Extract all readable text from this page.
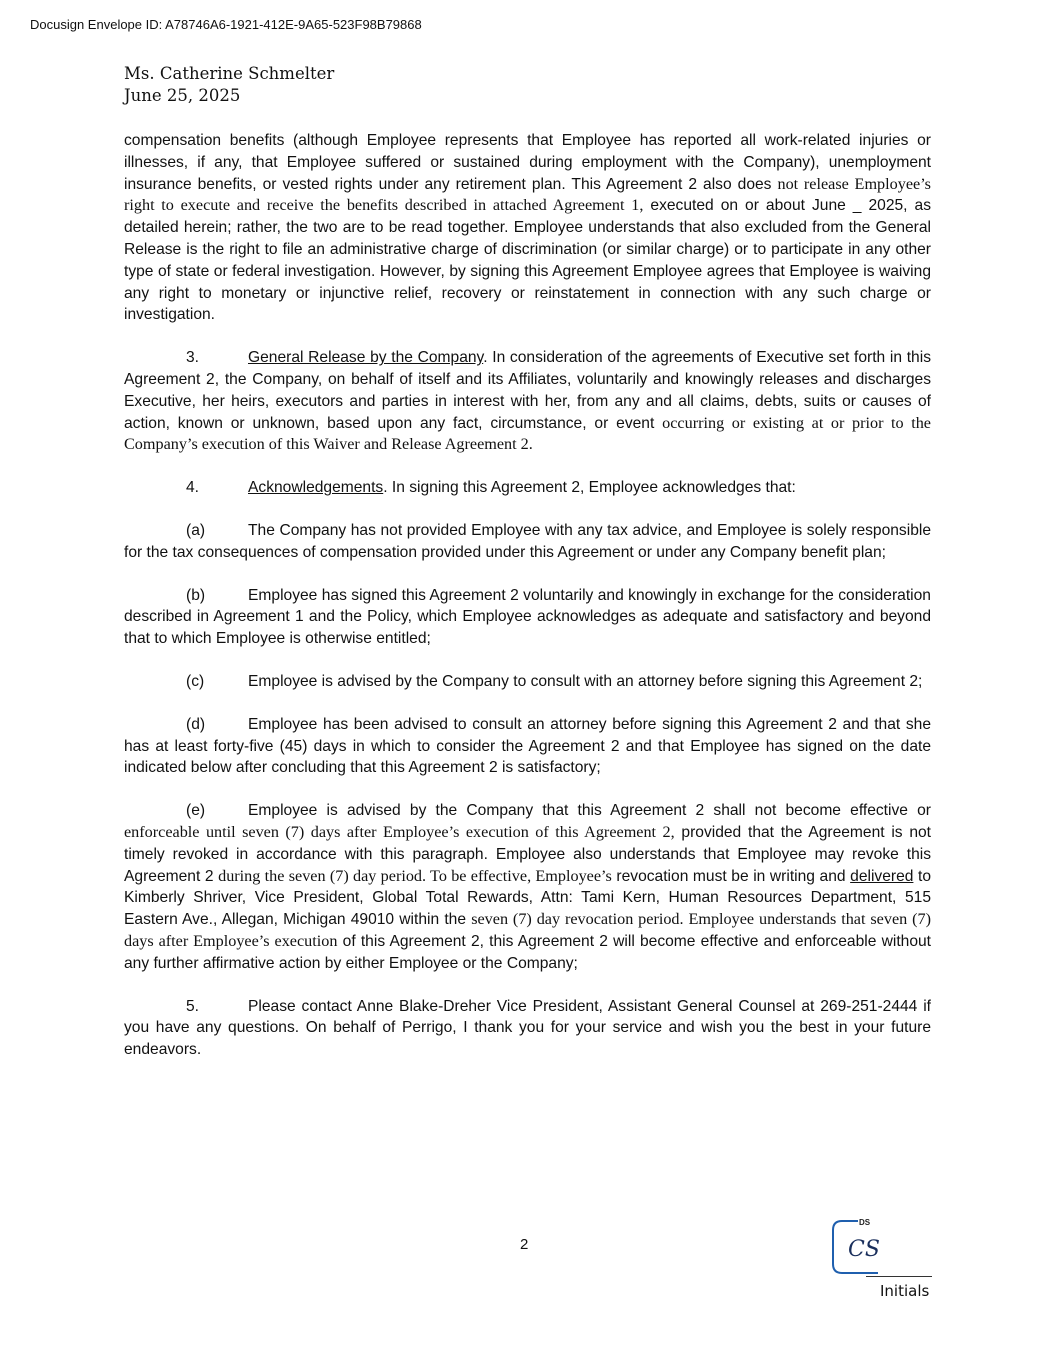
Docusign Envelope ID: A78746A6-1921-412E-9A65-523F98B79868
Ms. Catherine Schmelter
June 25, 2025

compensation benefits (although Employee represents that Employee has reported all work-related injuries or illnesses, if any, that Employee suffered or sustained during employment with the Company), unemployment insurance benefits, or vested rights under any retirement plan. This Agreement 2 also does not release Employee’s right to execute and receive the benefits described in attached Agreement 1, executed on or about June _ 2025, as detailed herein; rather, the two are to be read together. Employee understands that also excluded from the General Release is the right to file an administrative charge of discrimination (or similar charge) or to participate in any other type of state or federal investigation. However, by signing this Agreement Employee agrees that Employee is waiving any right to monetary or injunctive relief, recovery or reinstatement in connection with any such charge or investigation.

3.	General Release by the Company. In consideration of the agreements of Executive set forth in this Agreement 2, the Company, on behalf of itself and its Affiliates, voluntarily and knowingly releases and discharges Executive, her heirs, executors and parties in interest with her, from any and all claims, debts, suits or causes of action, known or unknown, based upon any fact, circumstance, or event occurring or existing at or prior to the Company’s execution of this Waiver and Release Agreement 2.

4.	Acknowledgements. In signing this Agreement 2, Employee acknowledges that:

(a)	The Company has not provided Employee with any tax advice, and Employee is solely responsible for the tax consequences of compensation provided under this Agreement or under any Company benefit plan;

(b)	Employee has signed this Agreement 2 voluntarily and knowingly in exchange for the consideration described in Agreement 1 and the Policy, which Employee acknowledges as adequate and satisfactory and beyond that to which Employee is otherwise entitled;

(c)	Employee is advised by the Company to consult with an attorney before signing this Agreement 2;

(d)	Employee has been advised to consult an attorney before signing this Agreement 2 and that she has at least forty-five (45) days in which to consider the Agreement 2 and that Employee has signed on the date indicated below after concluding that this Agreement 2 is satisfactory;

(e)	Employee is advised by the Company that this Agreement 2 shall not become effective or enforceable until seven (7) days after Employee’s execution of this Agreement 2, provided that the Agreement is not timely revoked in accordance with this paragraph. Employee also understands that Employee may revoke this Agreement 2 during the seven (7) day period. To be effective, Employee’s revocation must be in writing and delivered to Kimberly Shriver, Vice President, Global Total Rewards, Attn: Tami Kern, Human Resources Department, 515 Eastern Ave., Allegan, Michigan 49010 within the seven (7) day revocation period. Employee understands that seven (7) days after Employee’s execution of this Agreement 2, this Agreement 2 will become effective and enforceable without any further affirmative action by either Employee or the Company;

5.	Please contact Anne Blake-Dreher Vice President, Assistant General Counsel at 269-251-2444 if you have any questions. On behalf of Perrigo, I thank you for your service and wish you the best in your future endeavors.

2
DS
CS
Initials
